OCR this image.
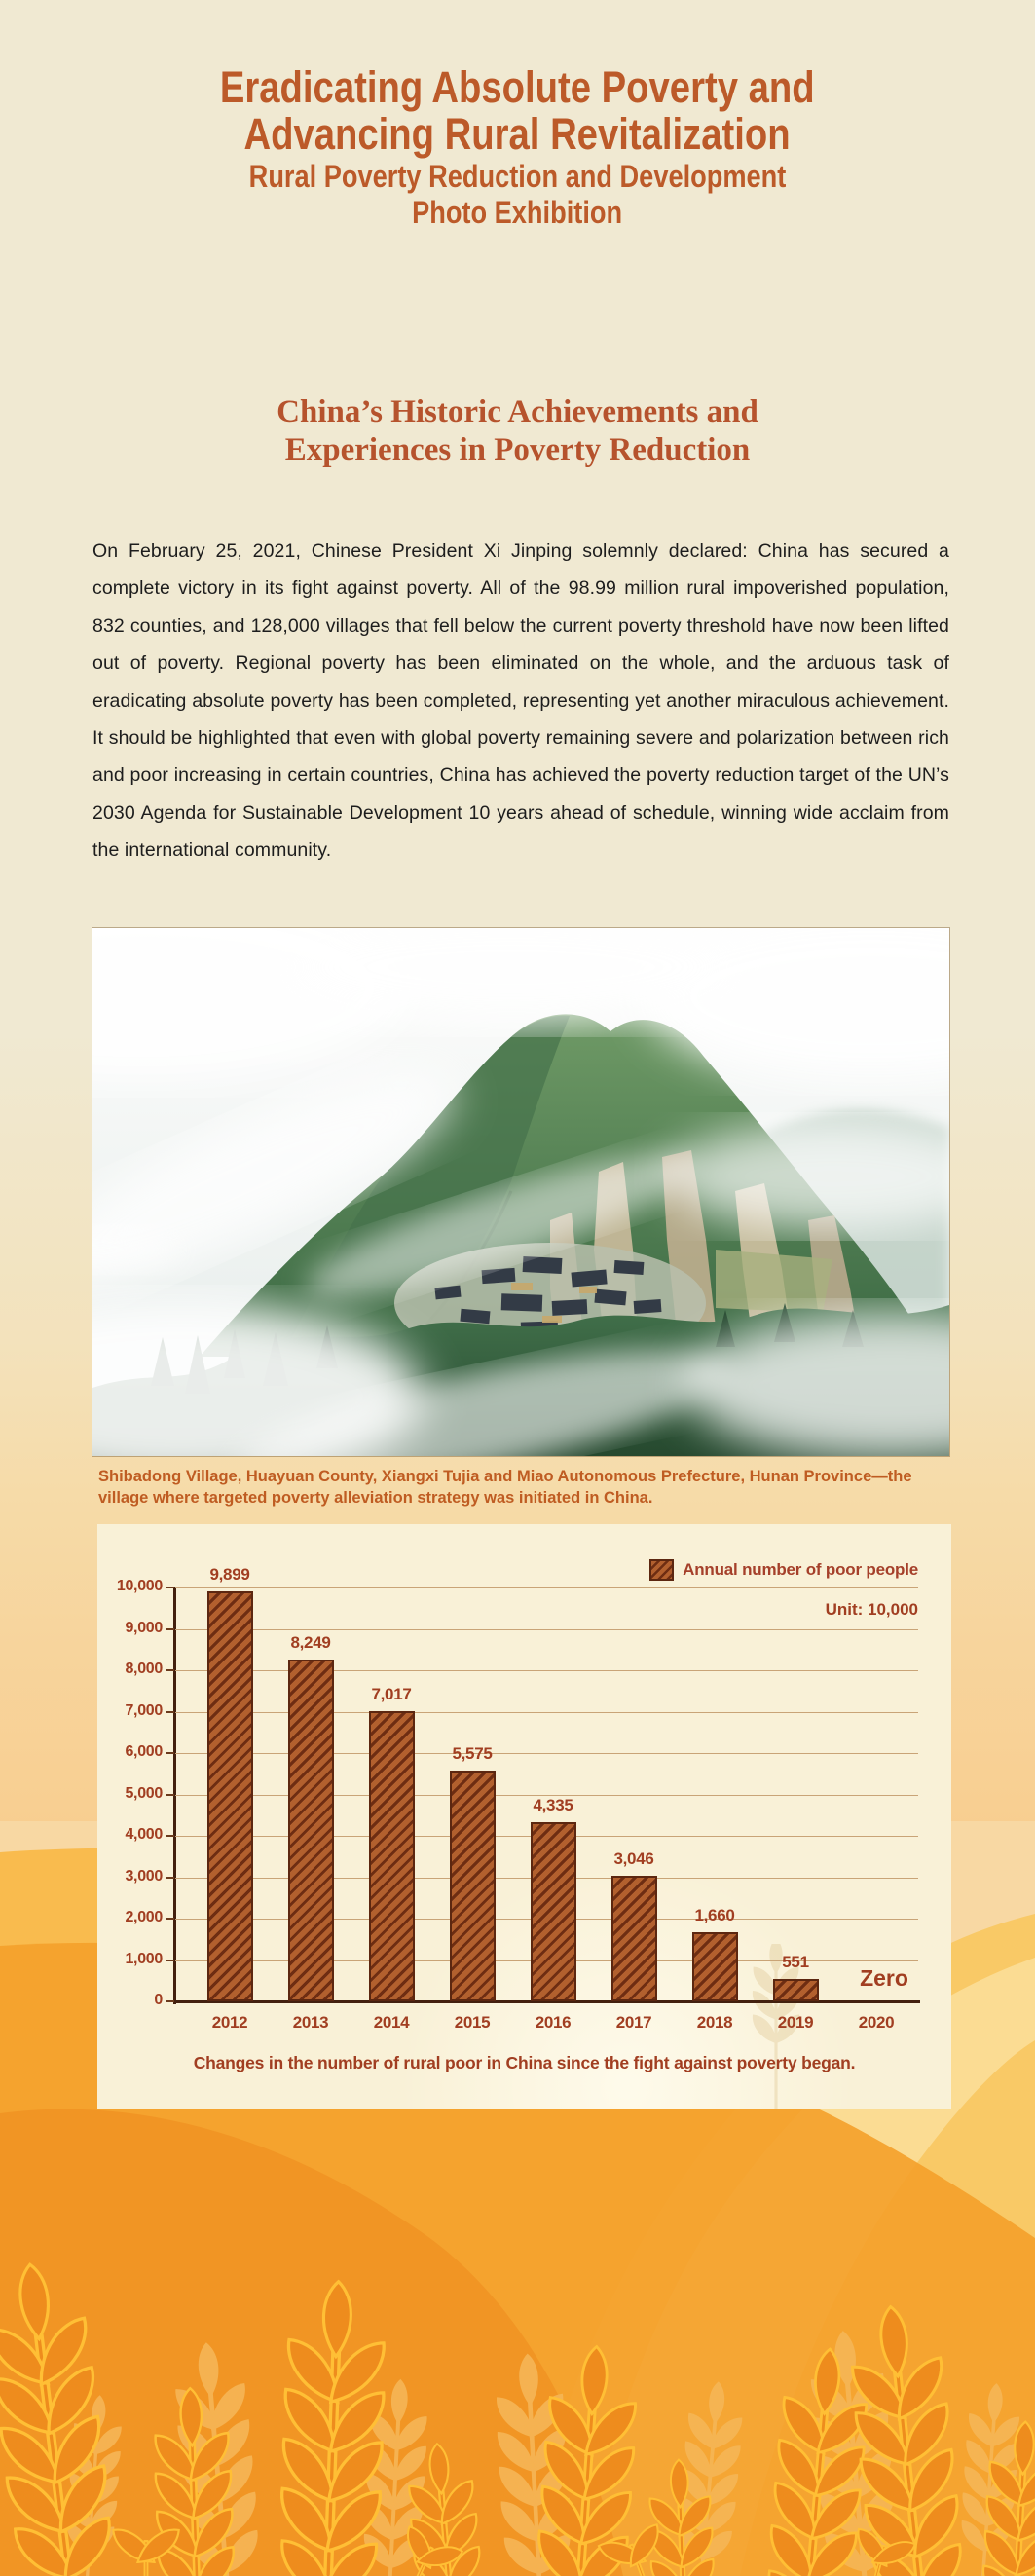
Eradicating Absolute Poverty and
Advancing Rural Revitalization
Rural Poverty Reduction and Development
Photo Exhibition
China’s Historic Achievements and
Experiences in Poverty Reduction

On February 25, 2021, Chinese President Xi Jinping solemnly declared: China has secured a complete victory in its fight against poverty. All of the 98.99 million rural impoverished population, 832 counties, and 128,000 villages that fell below the current poverty threshold have now been lifted out of poverty. Regional poverty has been eliminated on the whole, and the arduous task of eradicating absolute poverty has been completed, representing yet another miraculous achievement. It should be highlighted that even with global poverty remaining severe and polarization between rich and poor increasing in certain countries, China has achieved the poverty reduction target of the UN’s 2030 Agenda for Sustainable Development 10 years ahead of schedule, winning wide acclaim from the international community.

Shibadong Village, Huayuan County, Xiangxi Tujia and Miao Autonomous Prefecture, Hunan Province—the
village where targeted poverty alleviation strategy was initiated in China.
Annual number of poor people
Unit: 10,000
0
1,000
2,000
3,000
4,000
5,000
6,000
7,000
8,000
9,000
10,000
9,899
2012
8,249
2013
7,017
2014
5,575
2015
4,335
2016
3,046
2017
1,660
2018
551
2019
Zero
2020
Changes in the number of rural poor in China since the fight against poverty began.
